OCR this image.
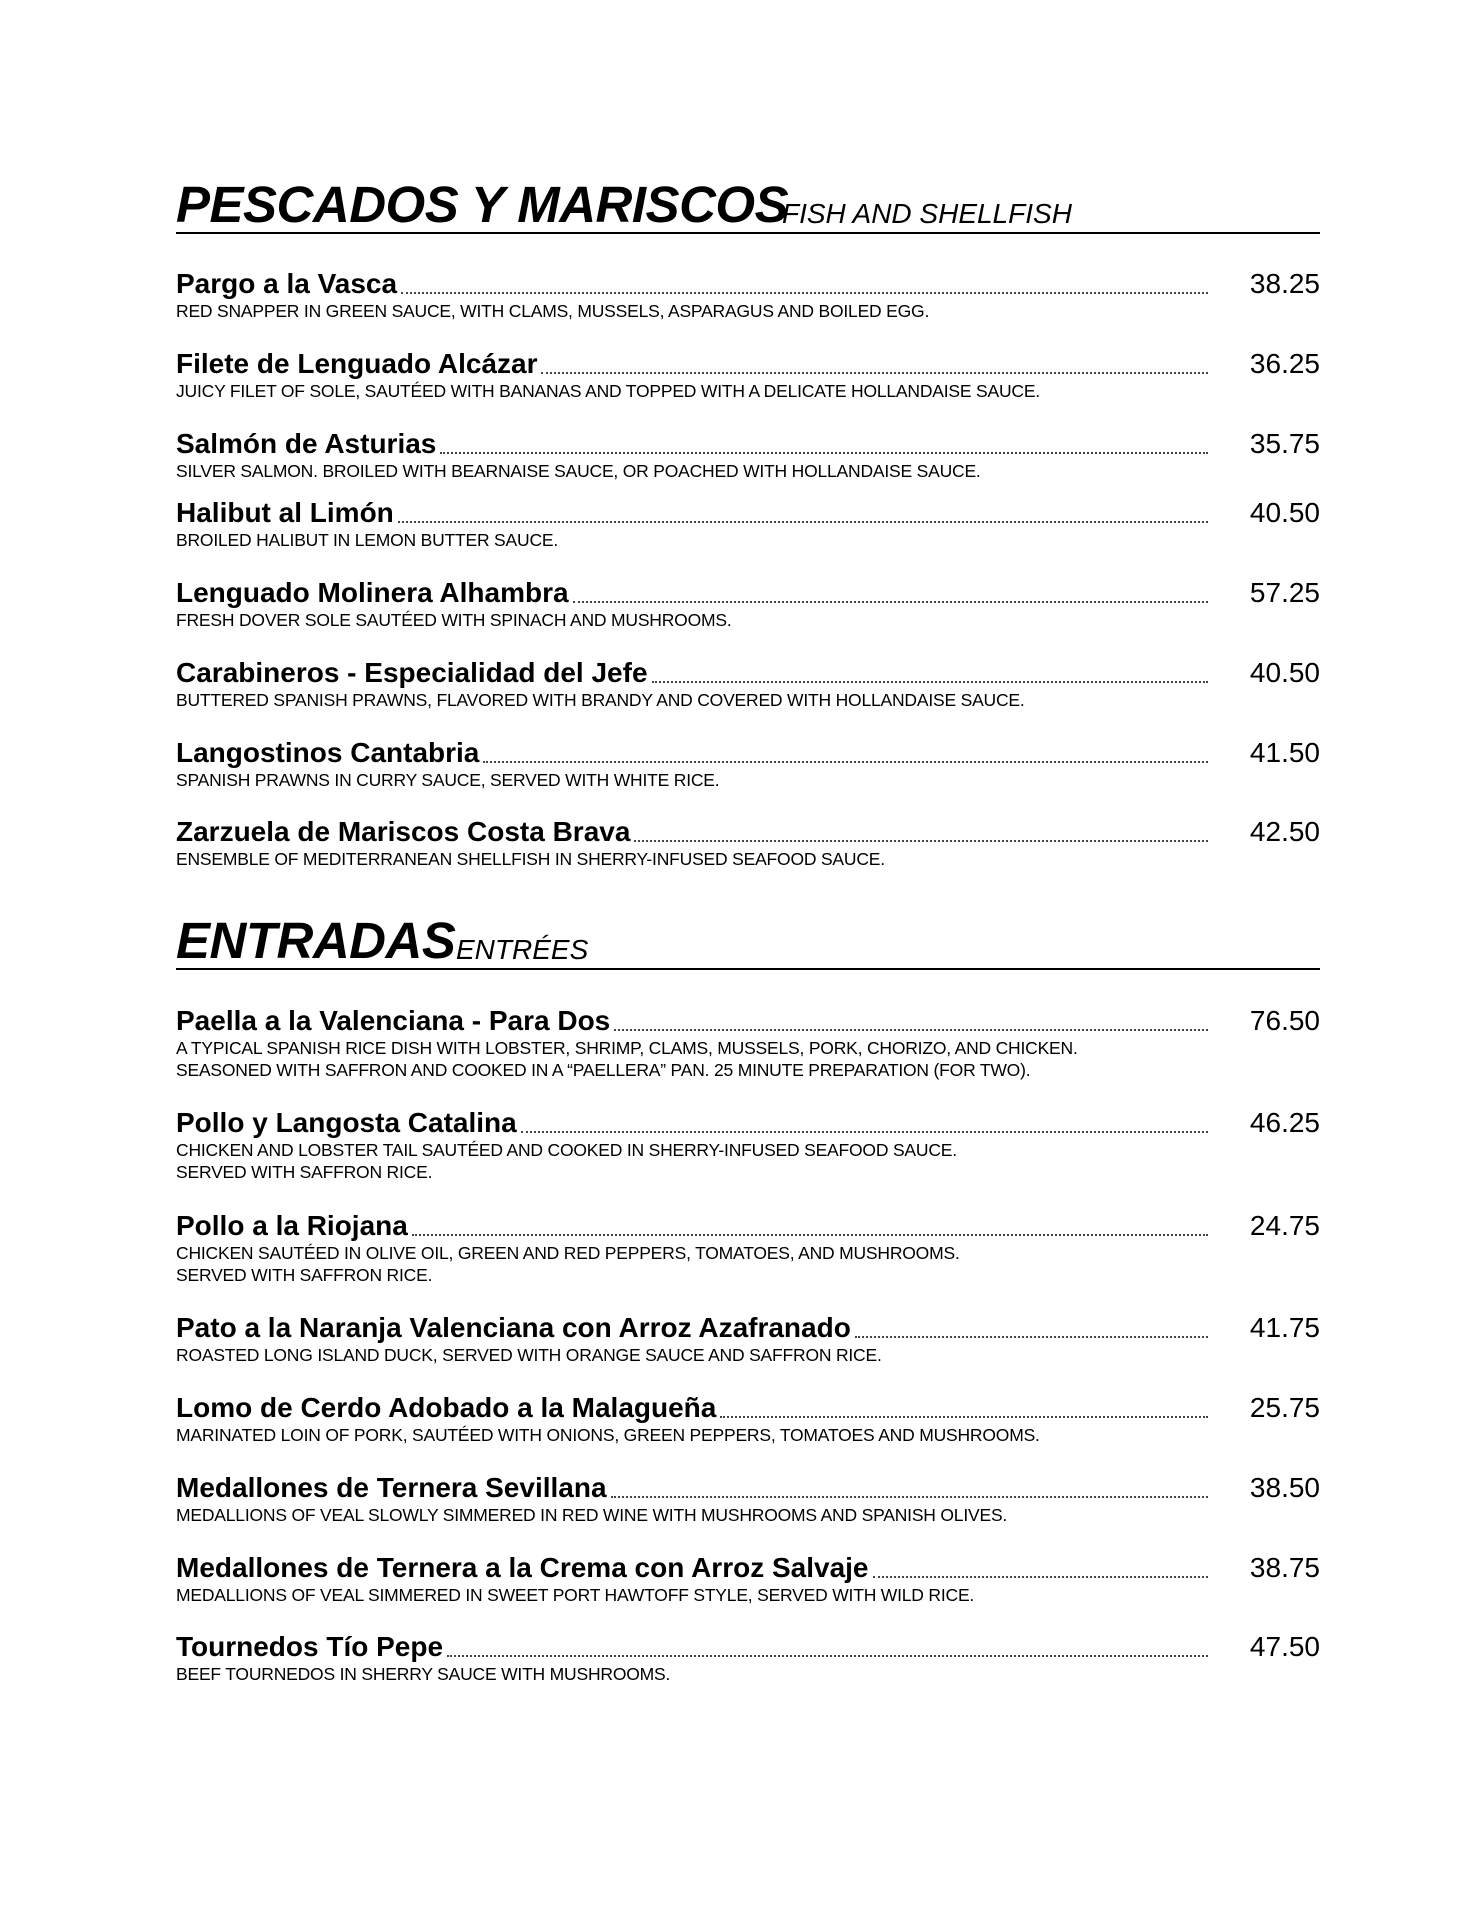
PESCADOS Y MARISCOS
FISH AND SHELLFISH
Pargo a la Vasca	38.25
RED SNAPPER IN GREEN SAUCE, WITH CLAMS, MUSSELS, ASPARAGUS AND BOILED EGG.
Filete de Lenguado Alcázar	36.25
JUICY FILET OF SOLE, SAUTÉED WITH BANANAS AND TOPPED WITH A DELICATE HOLLANDAISE SAUCE.
Salmón de Asturias	35.75
SILVER SALMON. BROILED WITH BEARNAISE SAUCE, OR POACHED WITH HOLLANDAISE SAUCE.
Halibut al Limón	40.50
BROILED HALIBUT IN LEMON BUTTER SAUCE.
Lenguado Molinera Alhambra	57.25
FRESH DOVER SOLE SAUTÉED WITH SPINACH AND MUSHROOMS.
Carabineros - Especialidad del Jefe	40.50
BUTTERED SPANISH PRAWNS, FLAVORED WITH BRANDY AND COVERED WITH HOLLANDAISE SAUCE.
Langostinos Cantabria	41.50
SPANISH PRAWNS IN CURRY SAUCE, SERVED WITH WHITE RICE.
Zarzuela de Mariscos Costa Brava	42.50
ENSEMBLE OF MEDITERRANEAN SHELLFISH IN SHERRY-INFUSED SEAFOOD SAUCE.
ENTRADAS ENTRÉES
Paella a la Valenciana - Para Dos	76.50
A TYPICAL SPANISH RICE DISH WITH LOBSTER, SHRIMP, CLAMS, MUSSELS, PORK, CHORIZO, AND CHICKEN.
SEASONED WITH SAFFRON AND COOKED IN A “PAELLERA” PAN. 25 MINUTE PREPARATION (FOR TWO).
Pollo y Langosta Catalina	46.25
CHICKEN AND LOBSTER TAIL SAUTÉED AND COOKED IN SHERRY-INFUSED SEAFOOD SAUCE.
SERVED WITH SAFFRON RICE.
Pollo a la Riojana	24.75
CHICKEN SAUTÉED IN OLIVE OIL, GREEN AND RED PEPPERS, TOMATOES, AND MUSHROOMS.
SERVED WITH SAFFRON RICE.
Pato a la Naranja Valenciana con Arroz Azafranado	41.75
ROASTED LONG ISLAND DUCK, SERVED WITH ORANGE SAUCE AND SAFFRON RICE.
Lomo de Cerdo Adobado a la Malagueña	25.75
MARINATED LOIN OF PORK, SAUTÉED WITH ONIONS, GREEN PEPPERS, TOMATOES AND MUSHROOMS.
Medallones de Ternera Sevillana	38.50
MEDALLIONS OF VEAL SLOWLY SIMMERED IN RED WINE WITH MUSHROOMS AND SPANISH OLIVES.
Medallones de Ternera a la Crema con Arroz Salvaje	38.75
MEDALLIONS OF VEAL SIMMERED IN SWEET PORT HAWTOFF STYLE, SERVED WITH WILD RICE.
Tournedos Tío Pepe	47.50
BEEF TOURNEDOS IN SHERRY SAUCE WITH MUSHROOMS.
